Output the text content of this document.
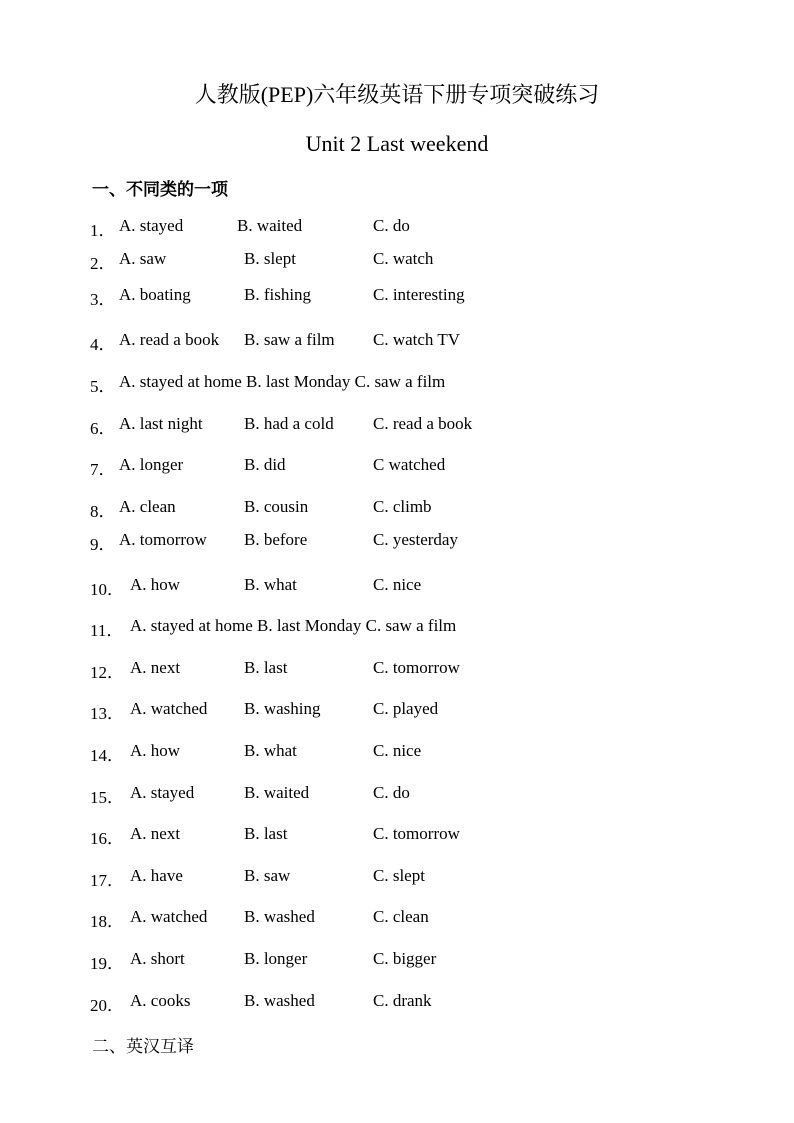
人教版(PEP)六年级英语下册专项突破练习
Unit 2 Last weekend
一、不同类的一项
1． A. stayed	B. waited	C. do
2． A. saw	B. slept	C. watch
3． A. boating	B. fishing	C. interesting
4． A. read a book B. saw a film C. watch TV
5． A. stayed at home B. last Monday C. saw a film
6． A. last night B. had a cold C. read a book
7． A. longer	B. did	C watched
8． A. clean	B. cousin	C. climb
9． A. tomorrow B. before	C. yesterday
10． A. how	B. what	C. nice
11． A. stayed at home B. last Monday C. saw a film
12． A. next	B. last	C. tomorrow
13． A. watched B. washing	C. played
14． A. how	B. what	C. nice
15． A. stayed	B. waited	C. do
16． A. next	B. last	C. tomorrow
17． A. have	B. saw	C. slept
18． A. watched B. washed	C. clean
19． A. short	B. longer	C. bigger
20． A. cooks	B. washed	C. drank
二、英汉互译
